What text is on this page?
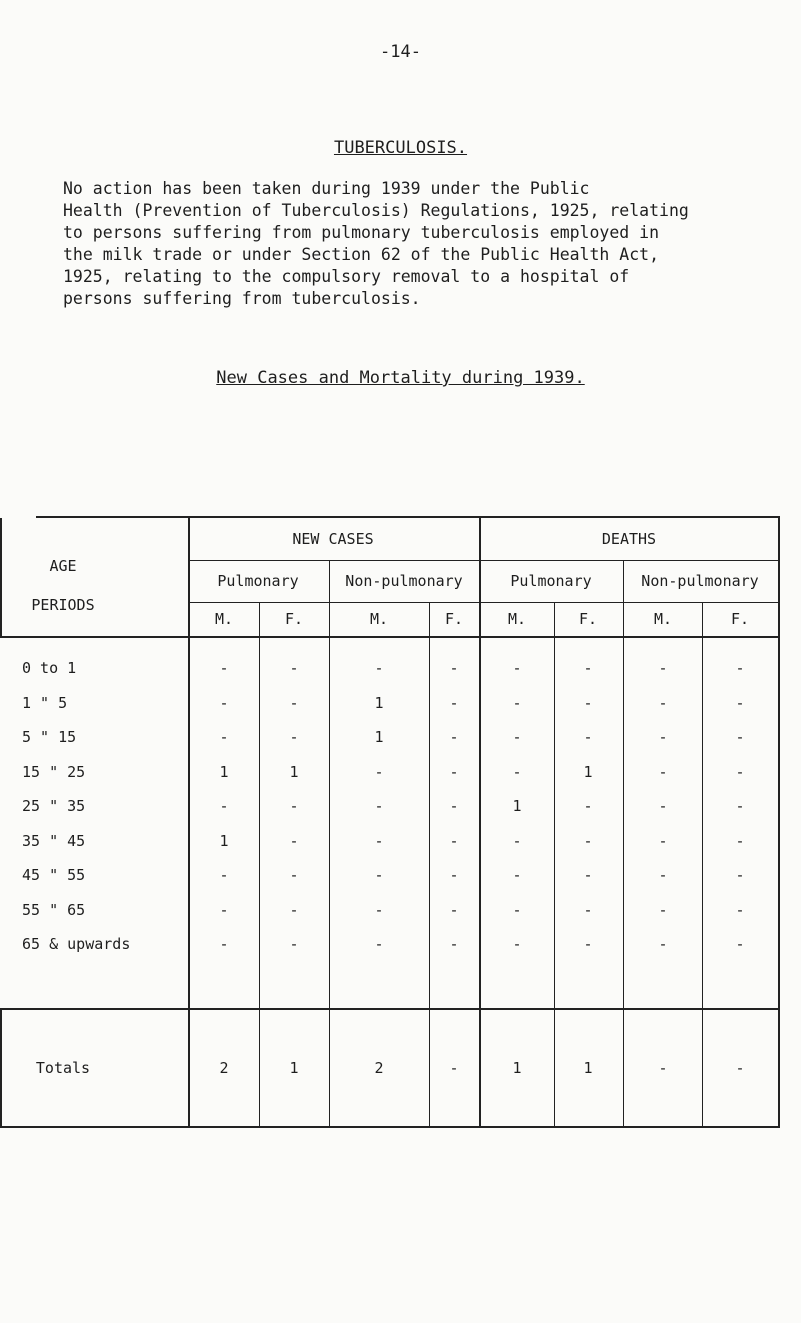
-14-
TUBERCULOSIS.
No action has been taken during 1939 under the Public
Health (Prevention of Tuberculosis) Regulations, 1925, relating
to persons suffering from pulmonary tuberculosis employed in
the milk trade or under Section 62 of the Public Health Act,
1925, relating to the compulsory removal to a hospital of
persons suffering from tuberculosis.
New Cases and Mortality during 1939.
AGE
PERIODS
NEW CASES	DEATHS
Pulmonary	Non-pulmonary	Pulmonary	Non-pulmonary
M.	F.	M.	F.	M.	F.	M.	F.
0 to 1	-	-	-	-	-	-	-	-
1 " 5	-	-	1	-	-	-	-	-
5 " 15	-	-	1	-	-	-	-	-
15 " 25	1	1	-	-	-	1	-	-
25 " 35	-	-	-	-	1	-	-	-
35 " 45	1	-	-	-	-	-	-	-
45 " 55	-	-	-	-	-	-	-	-
55 " 65	-	-	-	-	-	-	-	-
65 & upwards	-	-	-	-	-	-	-	-
Totals	2	1	2	-	1	1	-	-
